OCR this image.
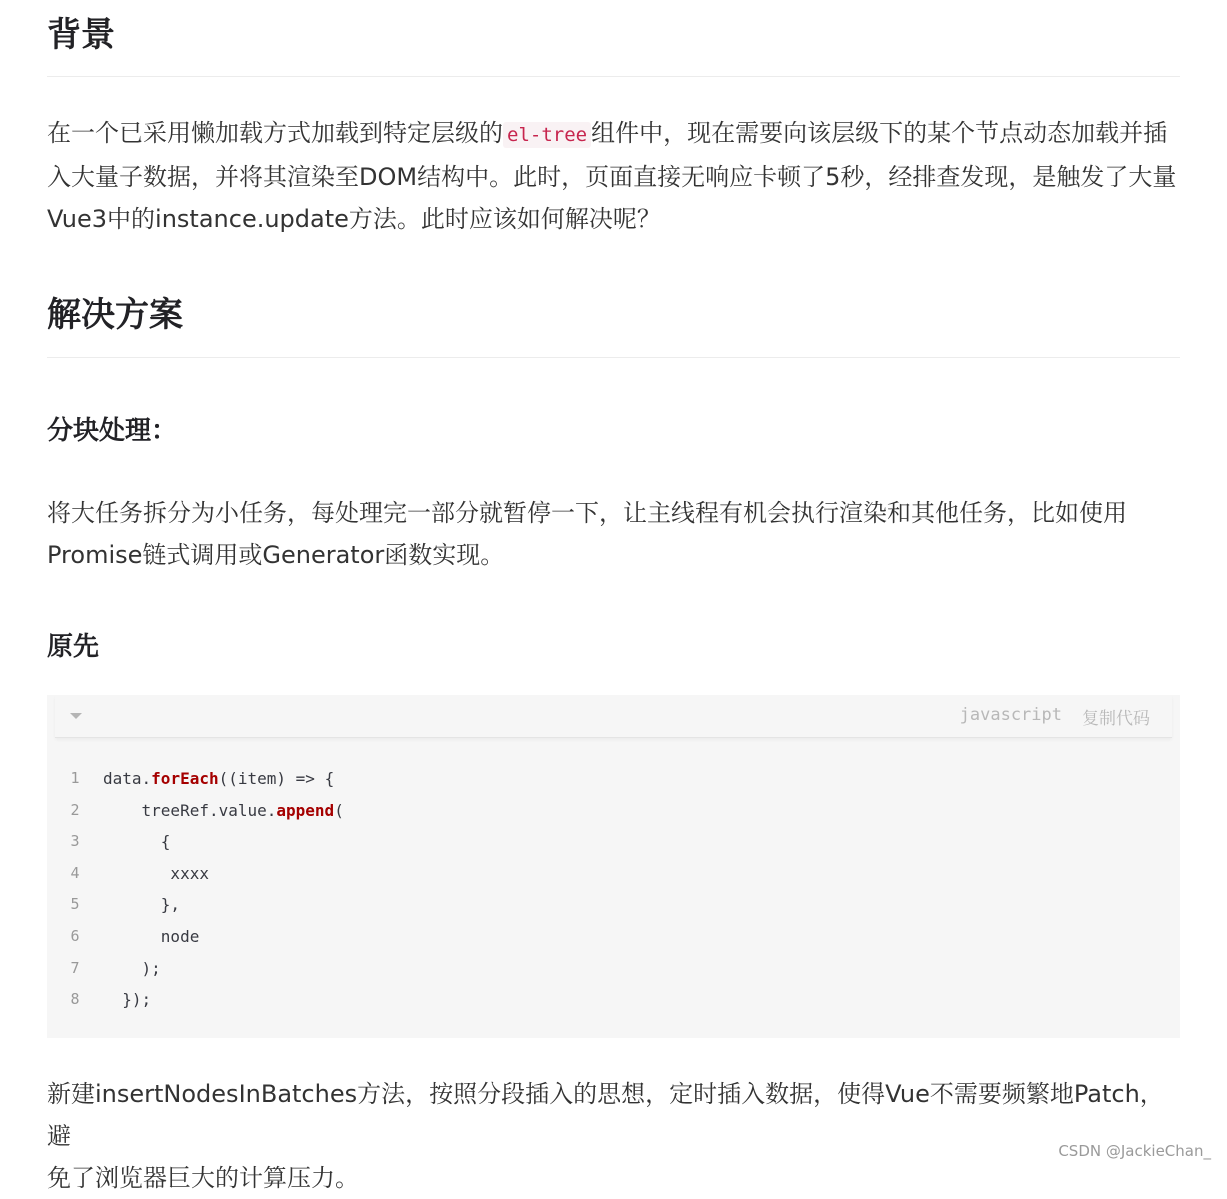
背景

在一个已采用懒加载方式加载到特定层级的 el-tree 组件中，现在需要向该层级下的某个节点动态加载并插

入大量子数据，并将其渲染至DOM结构中。此时，页面直接无响应卡顿了5秒，经排查发现，是触发了大量

Vue3中的instance.update方法。此时应该如何解决呢？

解决方案
分块处理：

将大任务拆分为小任务，每处理完一部分就暂停一下，让主线程有机会执行渲染和其他任务，比如使用

Promise链式调用或Generator函数实现。

原先
javascript 复制代码
1 data.forEach((item) => {
2 treeRef.value.append(
3 {
4 xxxx
5 },
6 node
7 );
8 });

新建insertNodesInBatches方法，按照分段插入的思想，定时插入数据，使得Vue不需要频繁地Patch，避

免了浏览器巨大的计算压力。

CSDN @JackieChan_
